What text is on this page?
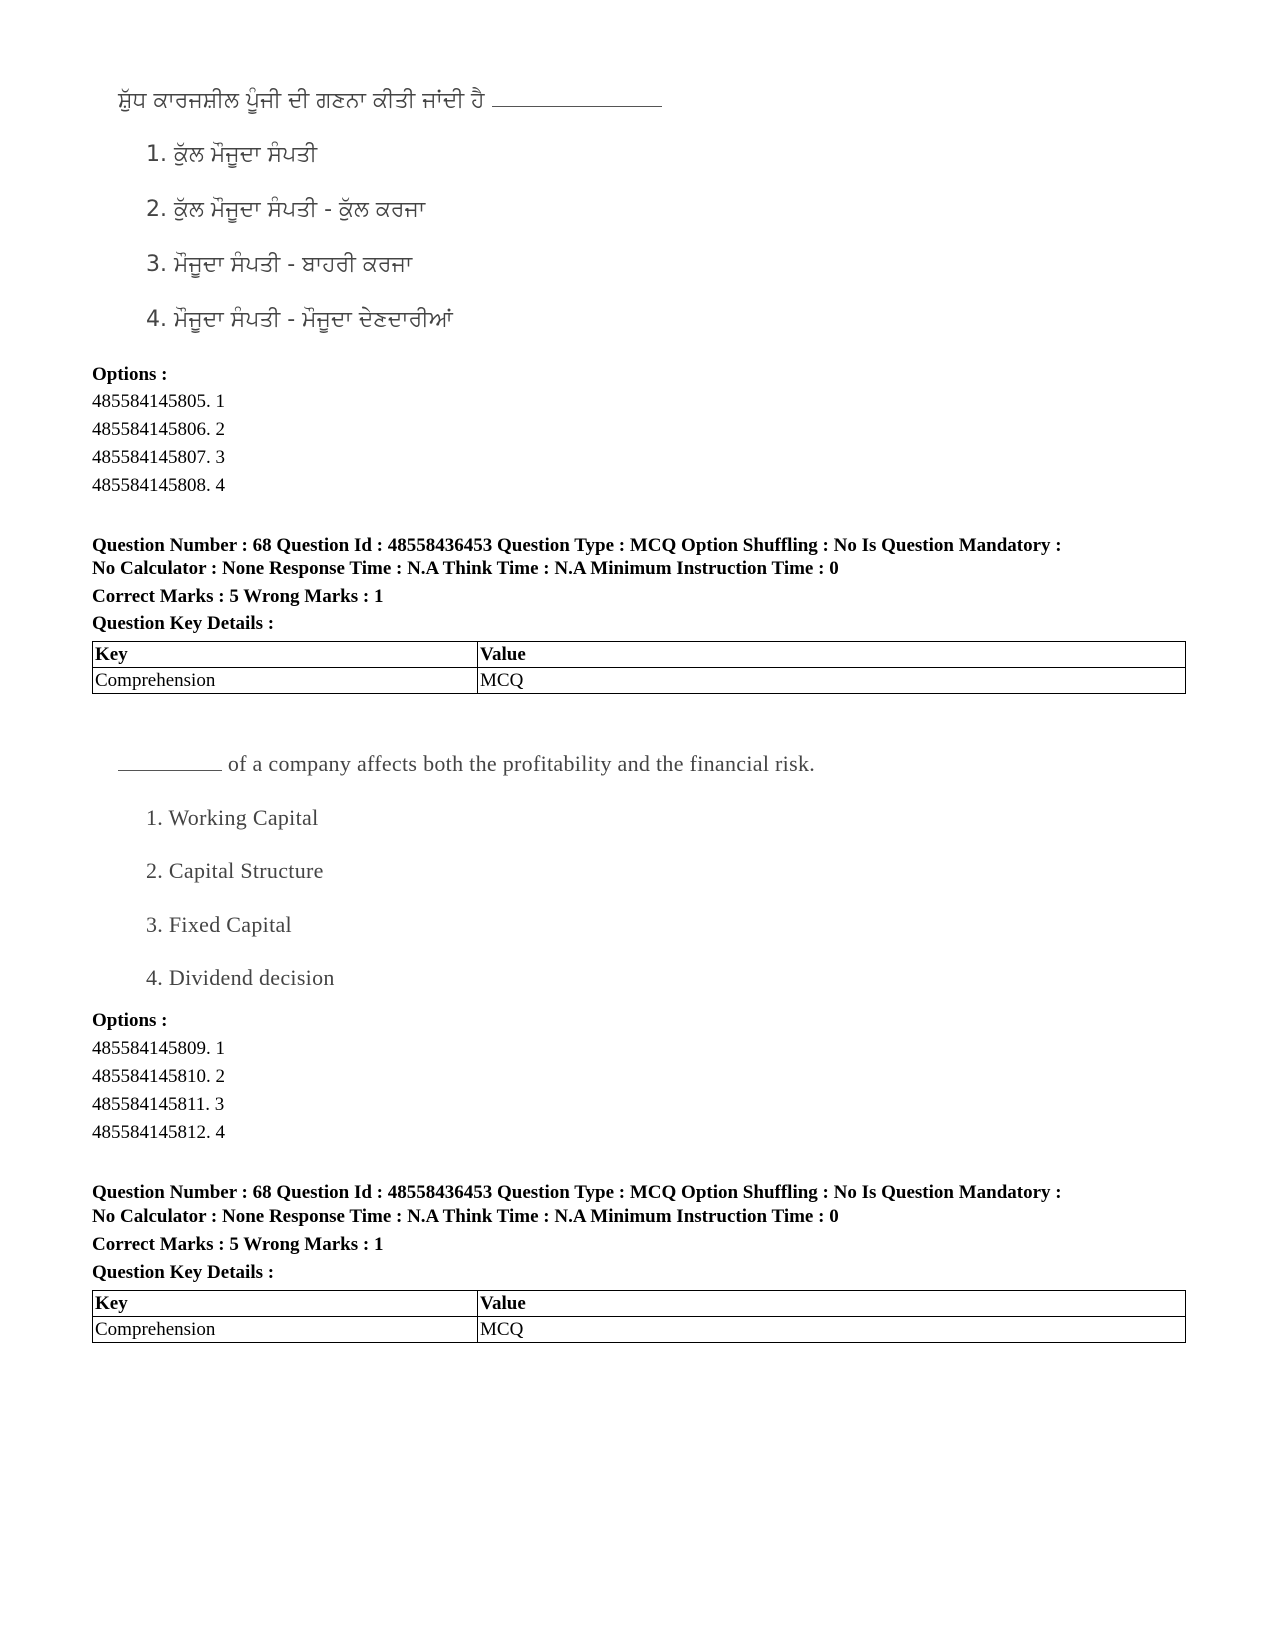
ਸ਼ੁੱਧ ਕਾਰਜਸ਼ੀਲ ਪੂੰਜੀ ਦੀ ਗਣਨਾ ਕੀਤੀ ਜਾਂਦੀ ਹੈ
1. ਕੁੱਲ ਮੌਜੂਦਾ ਸੰਪਤੀ
2. ਕੁੱਲ ਮੌਜੂਦਾ ਸੰਪਤੀ - ਕੁੱਲ ਕਰਜਾ
3. ਮੌਜੂਦਾ ਸੰਪਤੀ - ਬਾਹਰੀ ਕਰਜਾ
4. ਮੌਜੂਦਾ ਸੰਪਤੀ - ਮੌਜੂਦਾ ਦੇਣਦਾਰੀਆਂ
Options :
485584145805. 1
485584145806. 2
485584145807. 3
485584145808. 4
Question Number : 68 Question Id : 48558436453 Question Type : MCQ Option Shuffling : No Is Question Mandatory :
No Calculator : None Response Time : N.A Think Time : N.A Minimum Instruction Time : 0
Correct Marks : 5 Wrong Marks : 1
Question Key Details :
Key	Value
Comprehension	MCQ
of a company affects both the profitability and the financial risk.
1. Working Capital
2. Capital Structure
3. Fixed Capital
4. Dividend decision
Options :
485584145809. 1
485584145810. 2
485584145811. 3
485584145812. 4
Question Number : 68 Question Id : 48558436453 Question Type : MCQ Option Shuffling : No Is Question Mandatory :
No Calculator : None Response Time : N.A Think Time : N.A Minimum Instruction Time : 0
Correct Marks : 5 Wrong Marks : 1
Question Key Details :
Key	Value
Comprehension	MCQ
